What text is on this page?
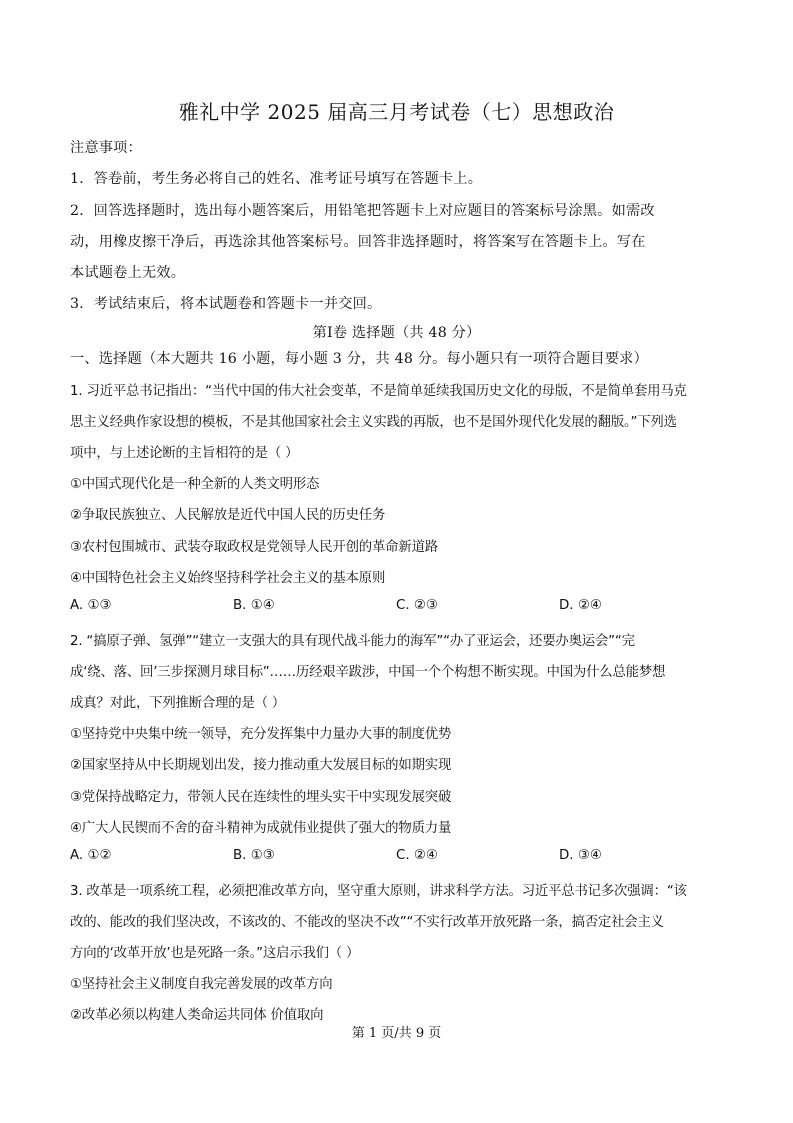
雅礼中学 2025 届高三月考试卷（七）思想政治
注意事项：
1．答卷前，考生务必将自己的姓名、准考证号填写在答题卡上。
2．回答选择题时，选出每小题答案后，用铅笔把答题卡上对应题目的答案标号涂黑。如需改
动，用橡皮擦干净后，再选涂其他答案标号。回答非选择题时，将答案写在答题卡上。写在
本试题卷上无效。
3．考试结束后，将本试题卷和答题卡一并交回。
第Ⅰ卷 选择题（共 48 分）
一、选择题（本大题共 16 小题，每小题 3 分，共 48 分。每小题只有一项符合题目要求）
1. 习近平总书记指出：“当代中国的伟大社会变革，不是简单延续我国历史文化的母版，不是简单套用马克
思主义经典作家设想的模板，不是其他国家社会主义实践的再版，也不是国外现代化发展的翻版。”下列选
项中，与上述论断的主旨相符的是（ ）
①中国式现代化是一种全新的人类文明形态
②争取民族独立、人民解放是近代中国人民的历史任务
③农村包围城市、武装夺取政权是党领导人民开创的革命新道路
④中国特色社会主义始终坚持科学社会主义的基本原则
A. ①③	B. ①④	C. ②③	D. ②④
2. “搞原子弹、氢弹”“建立一支强大的具有现代战斗能力的海军”“办了亚运会，还要办奥运会”“完
成‘绕、落、回’三步探测月球目标”……历经艰辛跋涉，中国一个个构想不断实现。中国为什么总能梦想
成真？对此，下列推断合理的是（ ）
①坚持党中央集中统一领导，充分发挥集中力量办大事的制度优势
②国家坚持从中长期规划出发，接力推动重大发展目标的如期实现
③党保持战略定力，带领人民在连续性的埋头实干中实现发展突破
④广大人民锲而不舍的奋斗精神为成就伟业提供了强大的物质力量
A. ①②	B. ①③	C. ②④	D. ③④
3. 改革是一项系统工程，必须把准改革方向，坚守重大原则，讲求科学方法。习近平总书记多次强调：“该
改的、能改的我们坚决改，不该改的、不能改的坚决不改”“不实行改革开放死路一条，搞否定社会主义
方向的‘改革开放’也是死路一条。”这启示我们（ ）
①坚持社会主义制度自我完善发展的改革方向
②改革必须以构建人类命运共同体 价值取向
第 1 页/共 9 页
